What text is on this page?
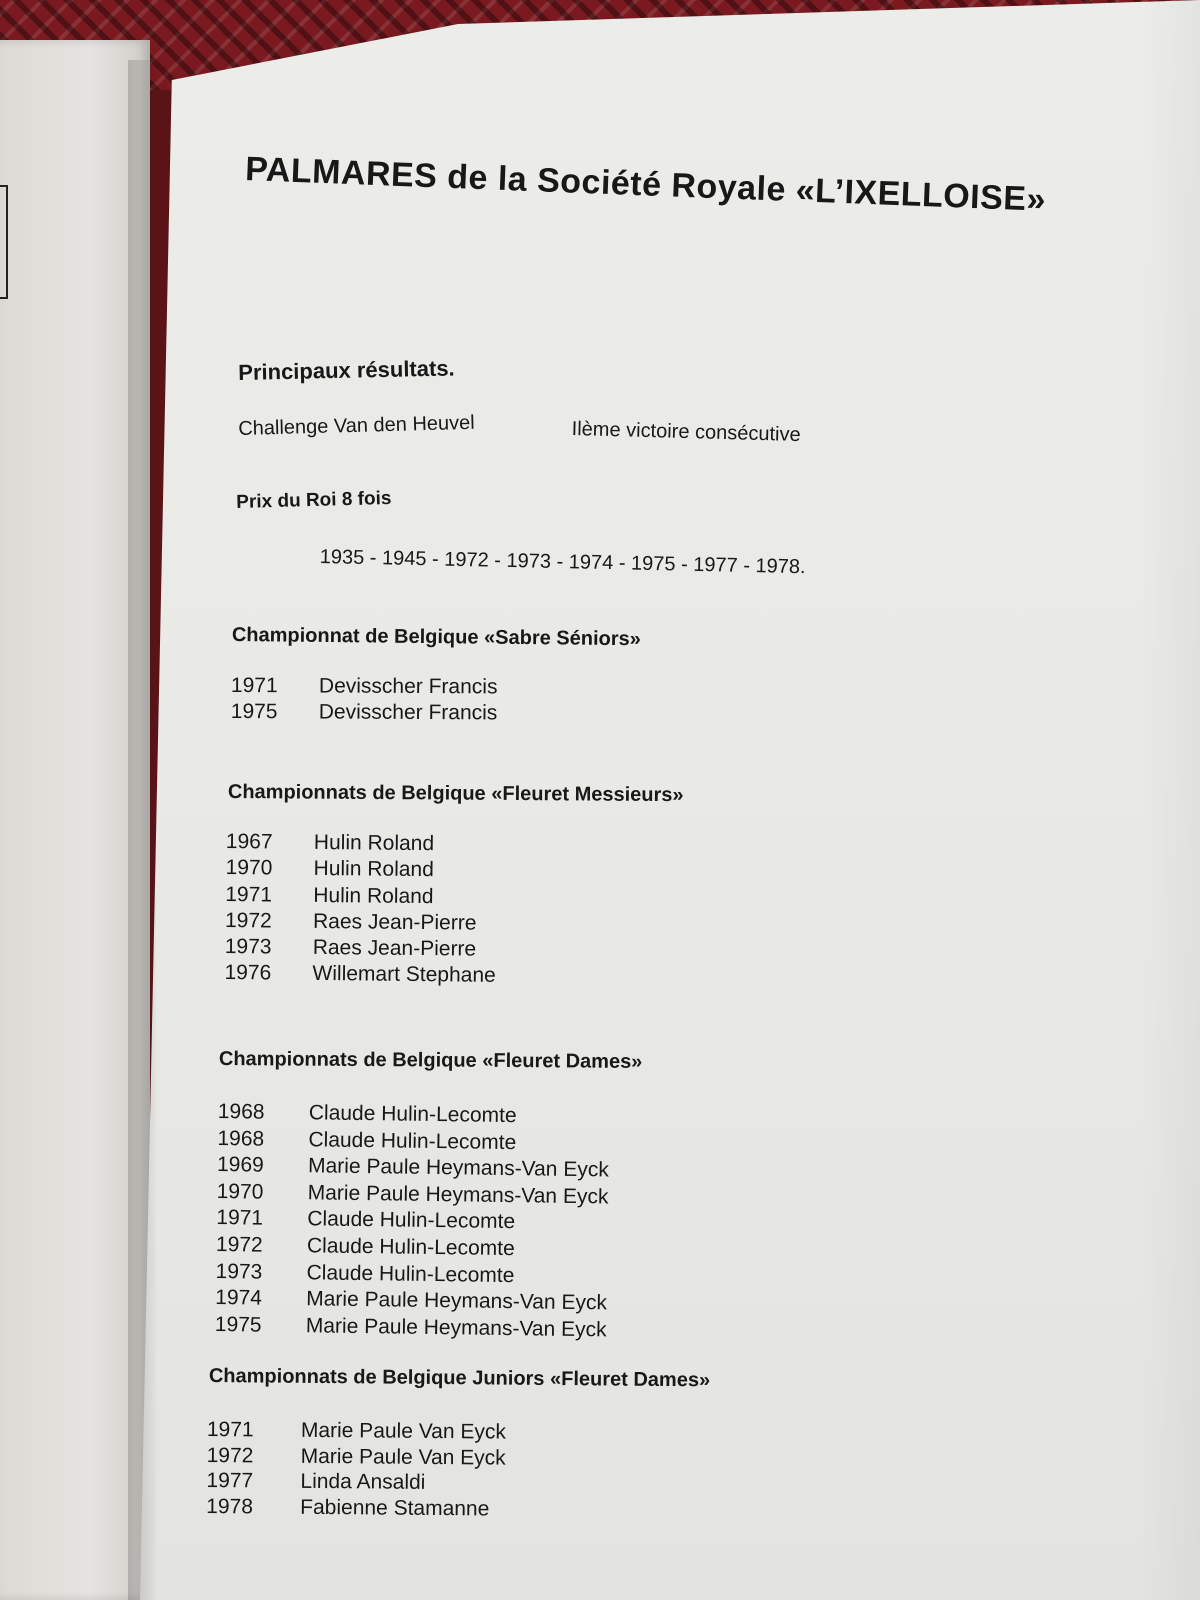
PALMARES de la Société Royale «L’IXELLOISE»
Principaux résultats.
Challenge Van den Heuvel	Ilème victoire consécutive
Prix du Roi 8 fois
1935 - 1945 - 1972 - 1973 - 1974 - 1975 - 1977 - 1978.
Championnat de Belgique «Sabre Séniors»
1971	Devisscher Francis
1975	Devisscher Francis
Championnats de Belgique «Fleuret Messieurs»
1967	Hulin Roland
1970	Hulin Roland
1971	Hulin Roland
1972	Raes Jean-Pierre
1973	Raes Jean-Pierre
1976	Willemart Stephane
Championnats de Belgique «Fleuret Dames»
1968	Claude Hulin-Lecomte
1968	Claude Hulin-Lecomte
1969	Marie Paule Heymans-Van Eyck
1970	Marie Paule Heymans-Van Eyck
1971	Claude Hulin-Lecomte
1972	Claude Hulin-Lecomte
1973	Claude Hulin-Lecomte
1974	Marie Paule Heymans-Van Eyck
1975	Marie Paule Heymans-Van Eyck
Championnats de Belgique Juniors «Fleuret Dames»
1971	Marie Paule Van Eyck
1972	Marie Paule Van Eyck
1977	Linda Ansaldi
1978	Fabienne Stamanne
